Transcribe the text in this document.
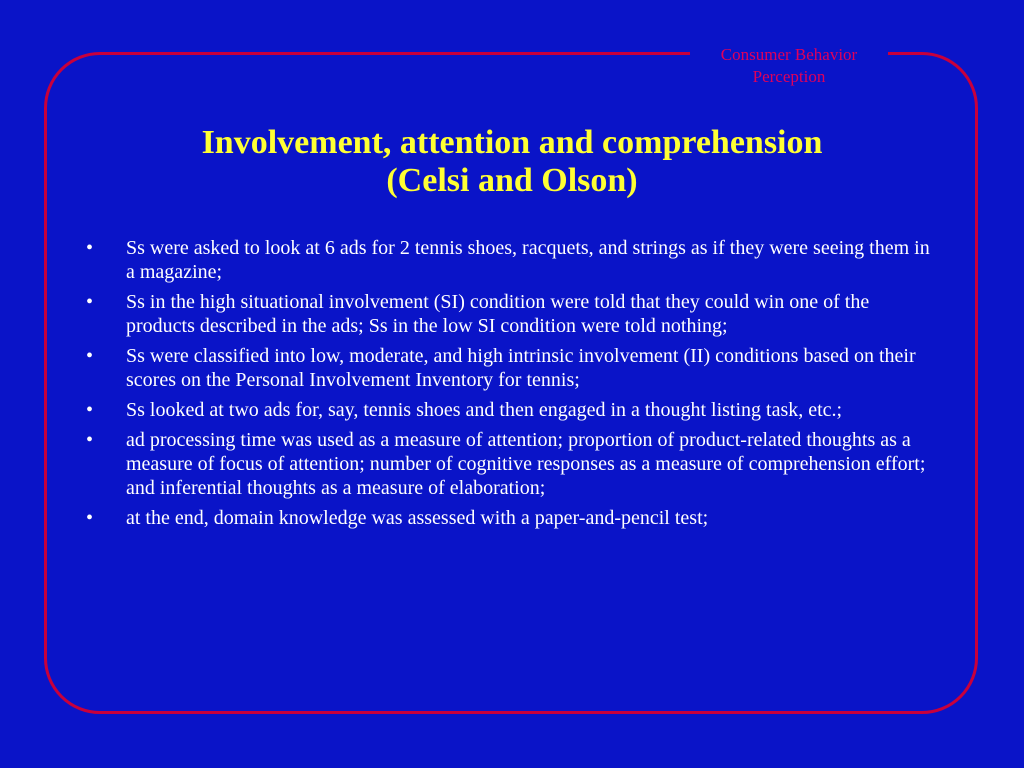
Consumer Behavior
Perception
Involvement, attention and comprehension
(Celsi and Olson)
• Ss were asked to look at 6 ads for 2 tennis shoes, racquets, and strings as if they were seeing them in a magazine;
• Ss in the high situational involvement (SI) condition were told that they could win one of the products described in the ads; Ss in the low SI condition were told nothing;
• Ss were classified into low, moderate, and high intrinsic involvement (II) conditions based on their scores on the Personal Involvement Inventory for tennis;
• Ss looked at two ads for, say, tennis shoes and then engaged in a thought listing task, etc.;
• ad processing time was used as a measure of attention; proportion of product-related thoughts as a measure of focus of attention; number of cognitive responses as a measure of comprehension effort; and inferential thoughts as a measure of elaboration;
• at the end, domain knowledge was assessed with a paper-and-pencil test;
